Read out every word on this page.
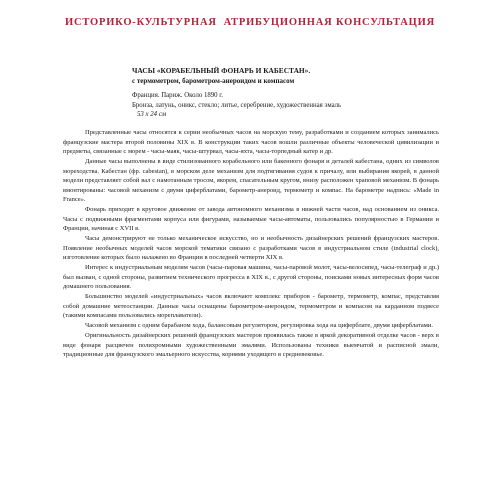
ИСТОРИКО-КУЛЬТУРНАЯ  АТРИБУЦИОННАЯ КОНСУЛЬТАЦИЯ
ЧАСЫ «КОРАБЕЛЬНЫЙ ФОНАРЬ И КАБЕСТАН».
с термометром, барометром-анероидом и компасом
Франция. Париж. Около 1890 г.
Бронза, латунь, оникс, стекло; литье, серебрение, художественная эмаль
53 х 24 см

Представленные часы относятся к серии необычных часов на морскую тему, разработками и созданием которых занимались французские мастера второй половины XIX в. В конструкции таких часов вошли различные объекты человеческой цивилизации и предметы, связанные с морем - часы-маяк, часы-штурвал, часы-яхта, часы-торпедный катер и др.

Данные часы выполнены в виде стилизованного корабельного или бакенного фонаря и деталей кабестана, одних из символов мореходства. Кабестан (фр. cabestan), в морском деле механизм для подтягивания судов к причалу, или выбирания якорей, в данной модели представляет собой вал с намотанным тросом, якорем, спасательным кругом, внизу расположен храповой механизм. В фонарь вмонтированы: часовой механизм с двумя циферблатами, барометр-анероид, термометр и компас. На барометре надпись: «Made in France».

Фонарь приходит в круговое движение от завода автономного механизма в нижней части часов, над основанием из оникса. Часы с подвижными фрагментами корпуса или фигурами, называемые часы-автоматы, пользовались популярностью в Германии и Франции, начиная с XVII в.

Часы демонстрируют не только механическое искусство, но и необычность дизайнерских решений французских мастеров. Появление необычных моделей часов морской тематики связано с разработками часов в индустриальном стиле (industrial clock), изготовление которых было налажено во Франции в последней четверти XIX в.

Интерес к индустриальным моделям часов (часы-паровая машина, часы-паровой молот, часы-велосипед, часы-телеграф и др.) был вызван, с одной стороны, развитием технического прогресса в XIX в., с другой стороны, поисками новых интересных форм часов домашнего пользования.

Большинство моделей «индустриальных» часов включают комплекс приборов - барометр, термометр, компас, представляя собой домашние метеостанции. Данные часы оснащены барометром-анероидом, термометром и компасом на карданном подвесе (такими компасами пользовались мореплаватели).

Часовой механизм с одним барабаном хода, балансовым регулятором, регулировка хода на циферблате, двумя циферблатами.

Оригинальность дизайнерских решений французских мастеров проявилась также в яркой декоративной отделке часов - верх в виде фонаря расцвечен полихромными художественными эмалями. Использованы техники выемчатой и расписной эмали, традиционные для французского эмальерного искусства, корнями уходящего в средневековье.
